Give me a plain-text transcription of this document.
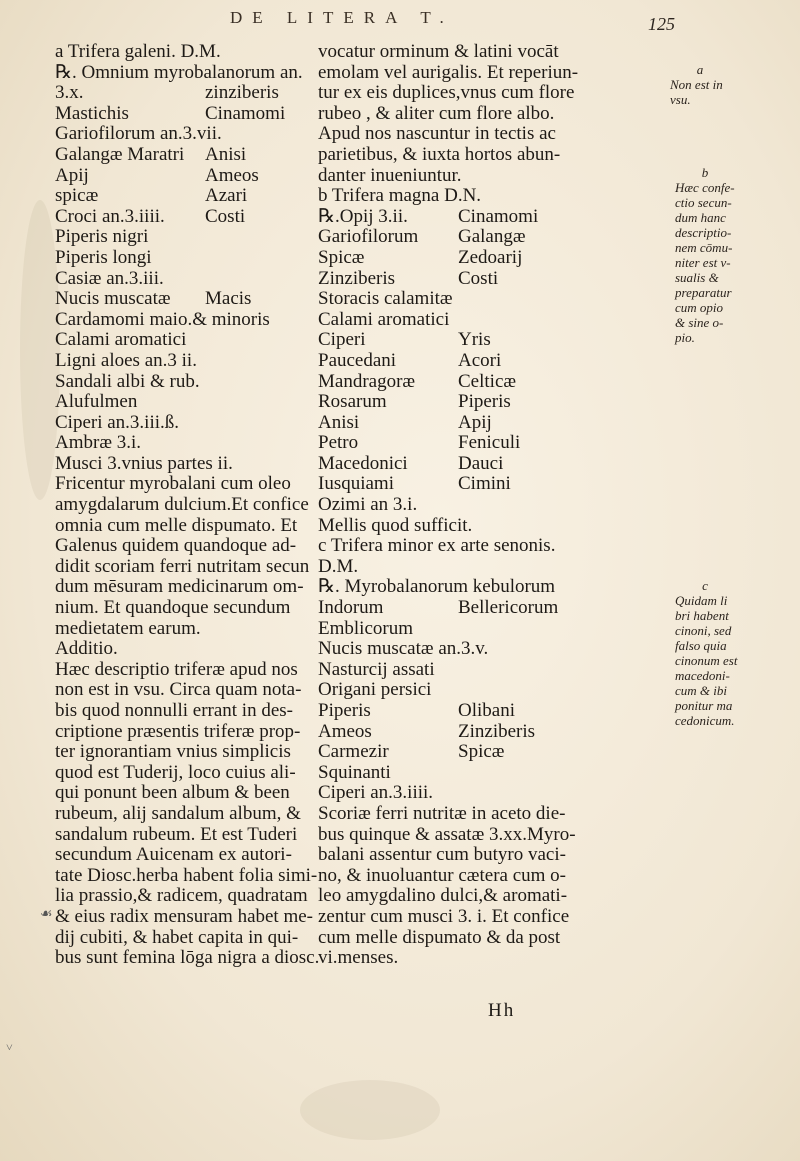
DE LITERA T.	125
a Trifera galeni. D.M.
℞. Omnium myrobalanorum an.
3.x.	zinziberis
Mastichis	Cinamomi
Gariofilorum an.3.vii.
Galangæ Maratri	Anisi
Apij	Ameos
spicæ	Azari
Croci an.3.iiii.	Costi
Piperis nigri
Piperis longi
Casiæ an.3.iii.
Nucis muscatæ	Macis
Cardamomi maio.& minoris
Calami aromatici
Ligni aloes an.3 ii.
Sandali albi & rub.
Alufulmen
Ciperi an.3.iii.ß.
Ambræ 3.i.
Musci 3.vnius partes ii.
Fricentur myrobalani cum oleo
amygdalarum dulcium.Et confice
omnia cum melle dispumato. Et
Galenus quidem quandoque ad-
didit scoriam ferri nutritam secun
dum mēsuram medicinarum om-
nium. Et quandoque secundum
medietatem earum.
Additio.
Hæc descriptio triferæ apud nos
non est in vsu. Circa quam nota-
bis quod nonnulli errant in des-
criptione præsentis triferæ prop-
ter ignorantiam vnius simplicis
quod est Tuderij, loco cuius ali-
qui ponunt been album & been
rubeum, alij sandalum album, &
sandalum rubeum. Et est Tuderi
secundum Auicenam ex autori-
tate Diosc.herba habent folia simi-
lia prassio,& radicem, quadratam
& eius radix mensuram habet me-
dij cubiti, & habet capita in qui-
bus sunt femina lōga nigra a diosc.
vocatur orminum & latini vocāt
emolam vel aurigalis. Et reperiun-
tur ex eis duplices,vnus cum flore
rubeo , & aliter cum flore albo.
Apud nos nascuntur in tectis ac
parietibus, & iuxta hortos abun-
danter inueniuntur.
b Trifera magna D.N.
℞.Opij 3.ii.	Cinamomi
Gariofilorum	Galangæ
Spicæ	Zedoarij
Zinziberis	Costi
Storacis calamitæ
Calami aromatici
Ciperi	Yris
Paucedani	Acori
Mandragoræ	Celticæ
Rosarum	Piperis
Anisi	Apij
Petro	Feniculi
Macedonici	Dauci
Iusquiami	Cimini
Ozimi an 3.i.
Mellis quod sufficit.
c Trifera minor ex arte senonis.
D.M.
℞. Myrobalanorum kebulorum
Indorum	Bellericorum
Emblicorum
Nucis muscatæ an.3.v.
Nasturcij assati
Origani persici
Piperis	Olibani
Ameos	Zinziberis
Carmezir	Spicæ
Squinanti
Ciperi an.3.iiii.
Scoriæ ferri nutritæ in aceto die-
bus quinque & assatæ 3.xx.Myro-
balani assentur cum butyro vaci-
no, & inuoluantur cætera cum o-
leo amygdalino dulci,& aromati-
zentur cum musci 3. i. Et confice
cum melle dispumato & da post
vi.menses.
a
Non est in
vsu.
b
Hæc confe-
ctio secun-
dum hanc
descriptio-
nem cōmu-
niter est v-
sualis &
preparatur
cum opio
& sine o-
pio.
c
Quidam li
bri habent
cinoni, sed
falso quia
cinonum est
macedoni-
cum & ibi
ponitur ma
cedonicum.
Hh
☙
˅
